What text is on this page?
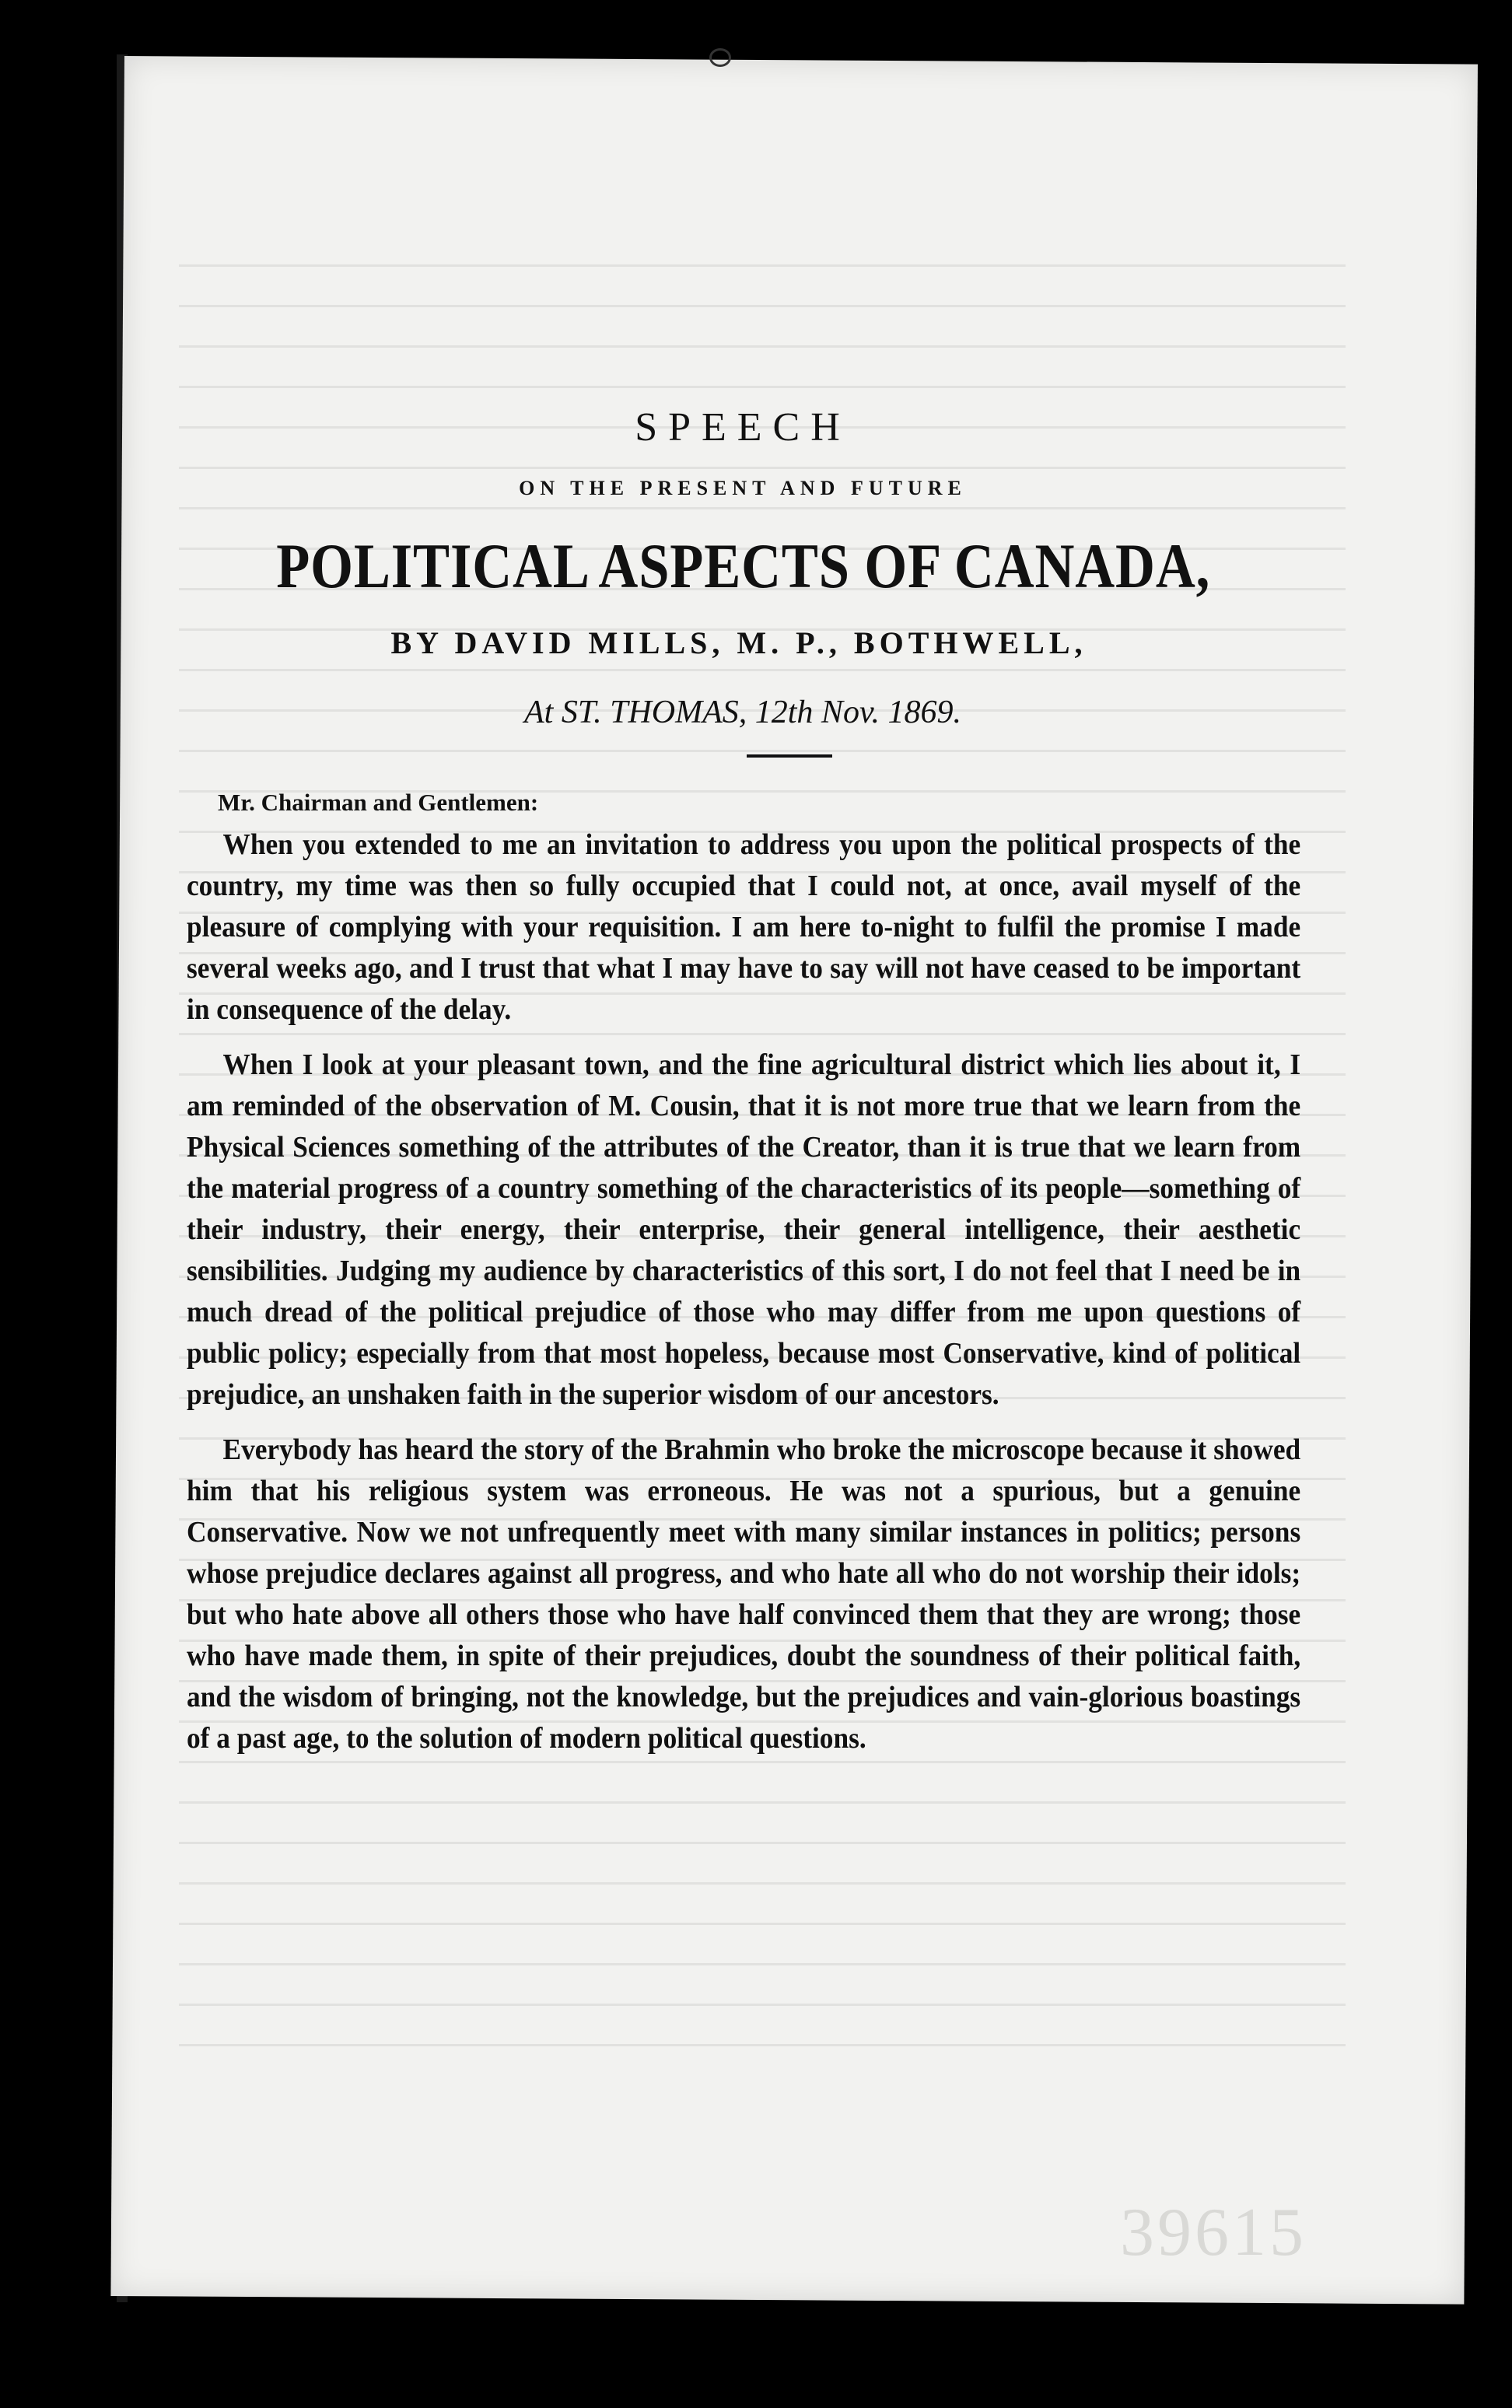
SPEECH
ON THE PRESENT AND FUTURE
POLITICAL ASPECTS OF CANADA,
BY DAVID MILLS, M. P., BOTHWELL,
At ST. THOMAS, 12th Nov. 1869.
Mr. Chairman and Gentlemen:

When you extended to me an invitation to address you upon the political prospects of the country, my time was then so fully occupied that I could not, at once, avail myself of the pleasure of complying with your requisition. I am here to-night to fulfil the promise I made several weeks ago, and I trust that what I may have to say will not have ceased to be important in consequence of the delay.

When I look at your pleasant town, and the fine agricultural district which lies about it, I am reminded of the observation of M. Cousin, that it is not more true that we learn from the Physical Sciences something of the attributes of the Creator, than it is true that we learn from the material progress of a country something of the characteristics of its people—something of their industry, their energy, their enterprise, their general intelligence, their aesthetic sensibilities. Judging my audience by characteristics of this sort, I do not feel that I need be in much dread of the political prejudice of those who may differ from me upon questions of public policy; especially from that most hopeless, because most Conservative, kind of political prejudice, an unshaken faith in the superior wisdom of our ancestors.

Everybody has heard the story of the Brahmin who broke the microscope because it showed him that his religious system was erroneous. He was not a spurious, but a genuine Conservative. Now we not unfrequently meet with many similar instances in politics; persons whose prejudice declares against all progress, and who hate all who do not worship their idols; but who hate above all others those who have half convinced them that they are wrong; those who have made them, in spite of their prejudices, doubt the soundness of their political faith, and the wisdom of bringing, not the knowledge, but the prejudices and vain-glorious boastings of a past age, to the solution of modern political questions.

39615
